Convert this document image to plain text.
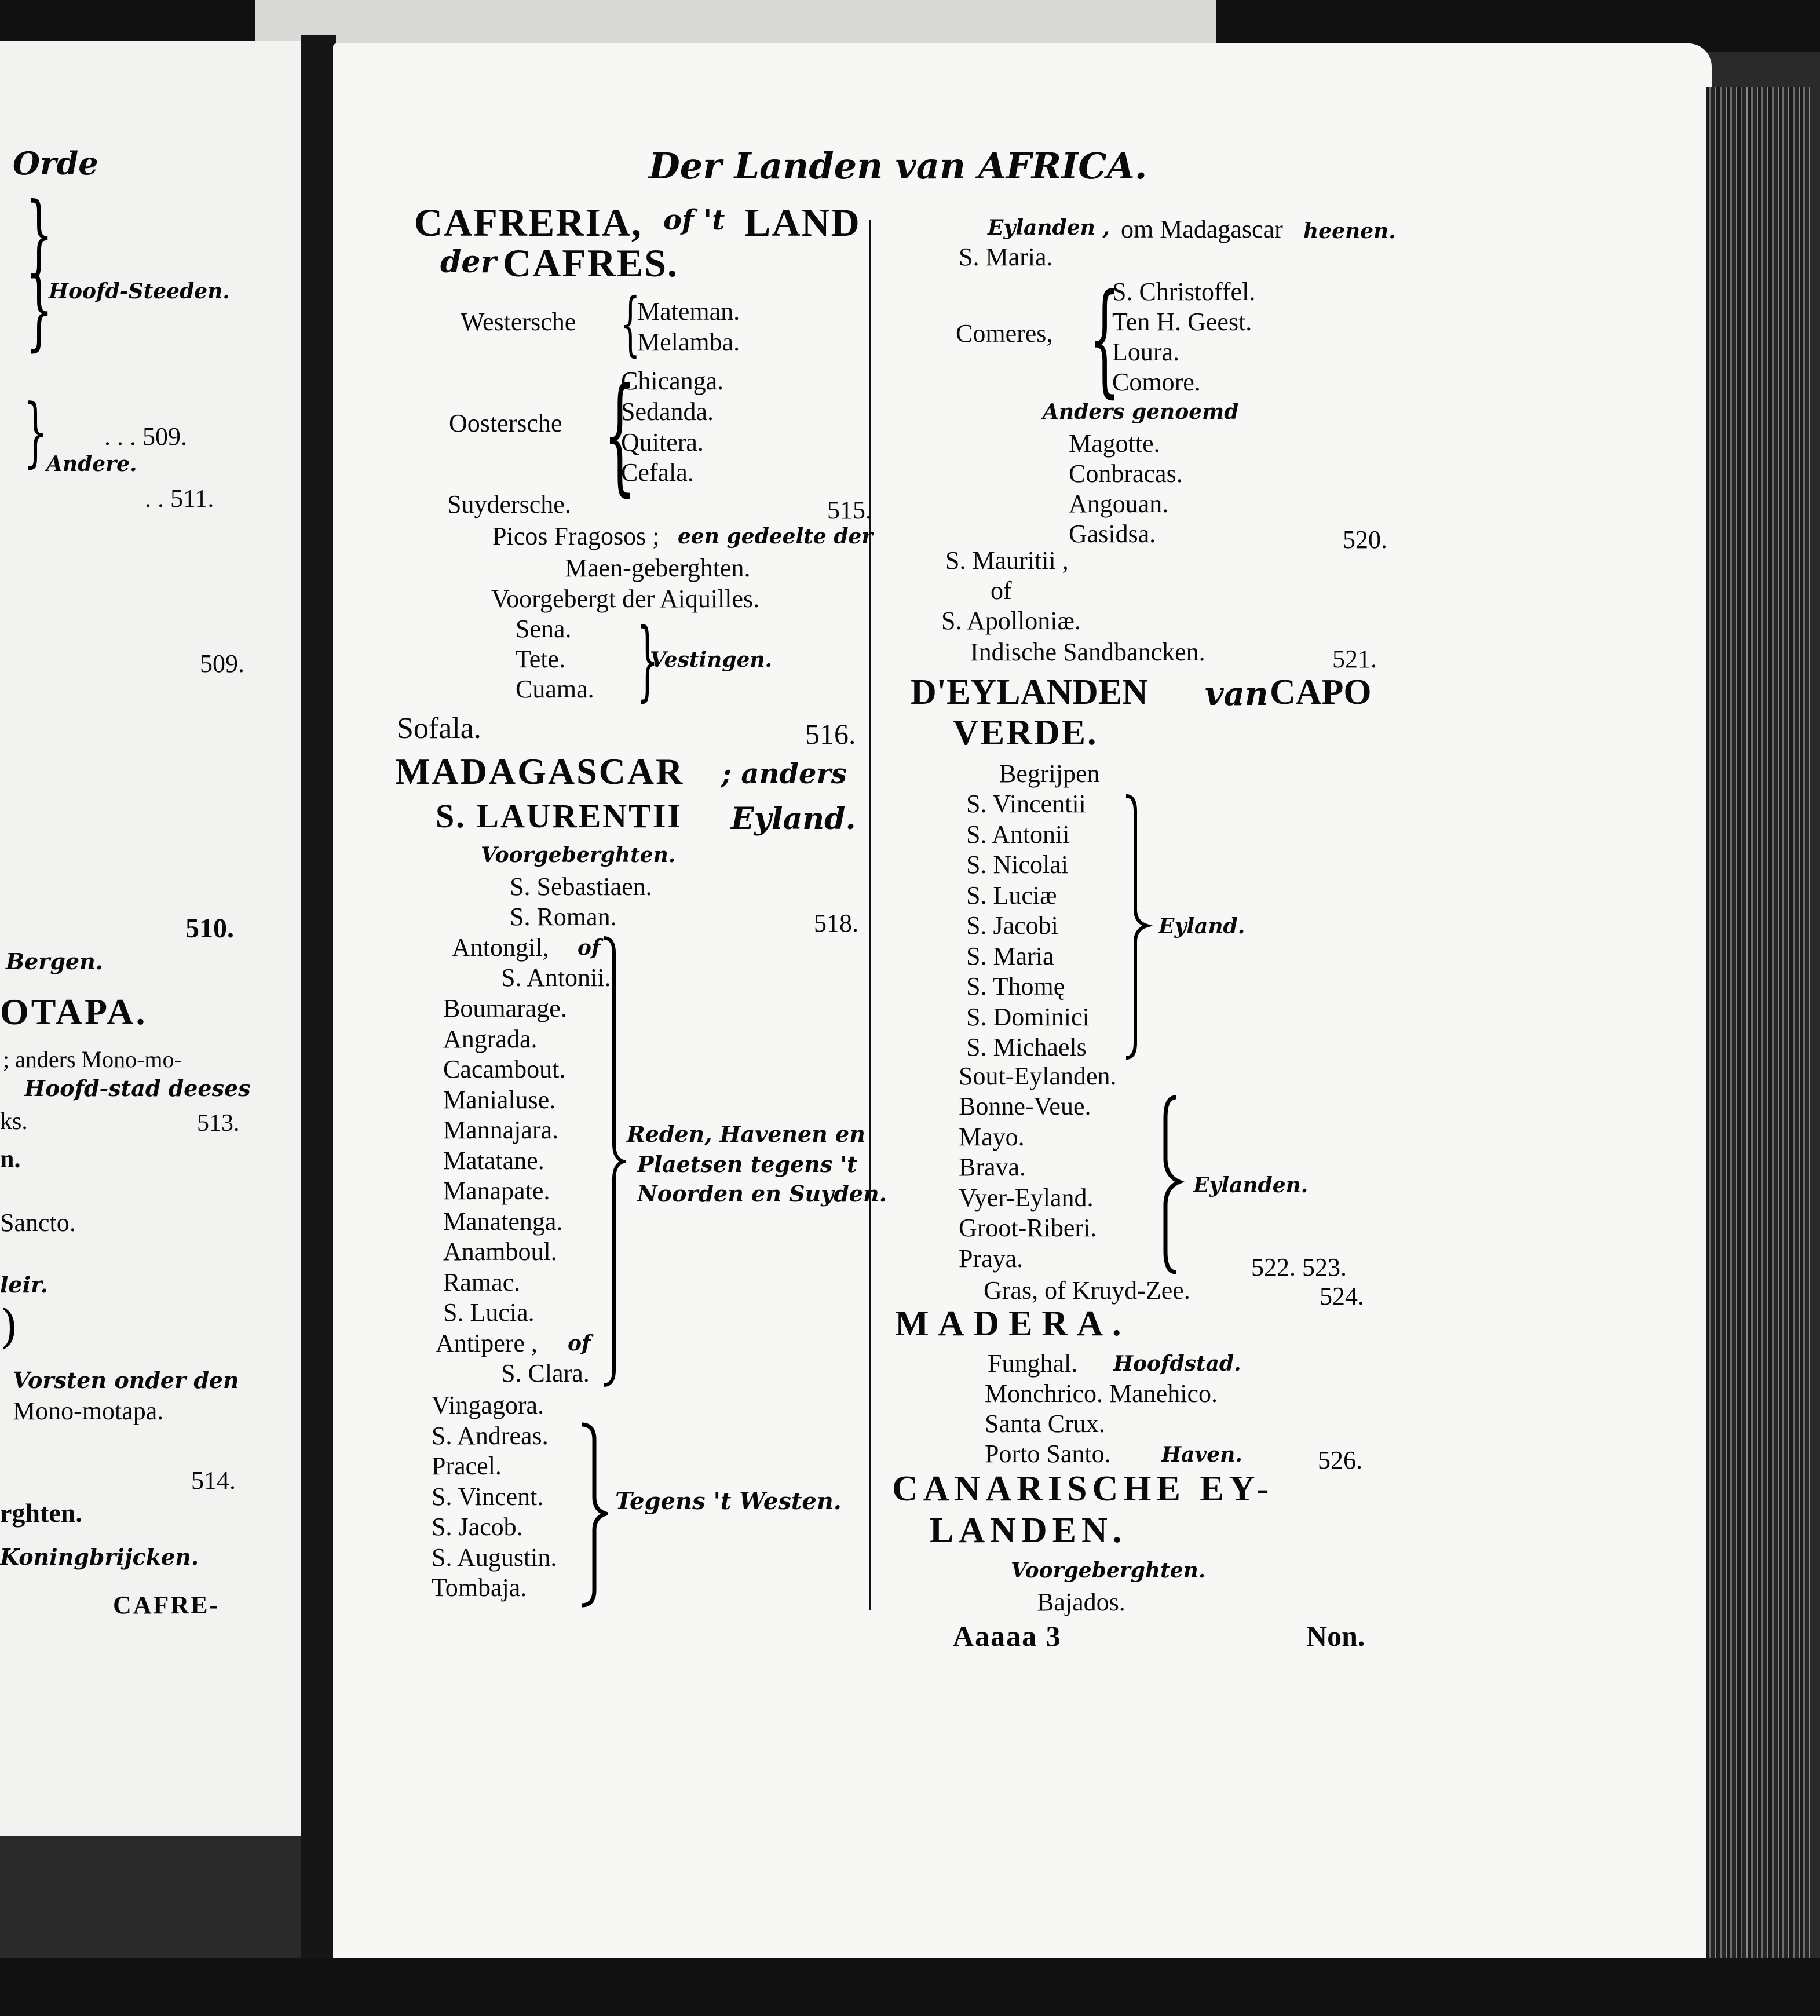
Orde
}
}
Hoofd-Steeden.
. . . 509.
}
Andere.
. . 511.
509.
510.
Bergen.
OTAPA.
; anders Mono-mo-
Hoofd-stad deeses
ks.	513.
n.
Sancto.
leir.
)
Vorsten onder den
Mono-motapa.
514.
rghten.
Koningbrijcken.
CAFRE-
Der Landen van AFRICA.
CAFRERIA, of 't LAND
der CAFRES.
Westersche {
Mateman.
Melamba.
Oostersche {
Chicanga.
Sedanda.
Quitera.
Cefala.
Suydersche.	515.
Picos Fragosos ; een gedeelte der
Maen-geberghten.
Voorgebergt der Aiquilles.
Sena.
Tete.
Cuama. }
Vestingen.
Sofala.	516.
MADAGASCAR ; anders
S. LAURENTII Eyland.
Voorgeberghten.
S. Sebastiaen.
S. Roman.	518.
Antongil, of
S. Antonii.
Boumarage.
Angrada.
Cacambout.
Manialuse.
Mannajara.
Matatane.
Manapate.
Manatenga.
Anamboul.
Ramac.
S. Lucia.
Antipere , of
S. Clara.
Reden, Havenen en
Plaetsen tegens 't
Noorden en Suyden.
Vingagora.
S. Andreas.
Pracel.
S. Vincent.
S. Jacob.
S. Augustin.
Tombaja.
Tegens 't Westen.
Eylanden , om Madagascar heenen.
S. Maria.
Comeres, {
S. Christoffel.
Ten H. Geest.
Loura.
Comore.
Anders genoemd
Magotte.
Conbracas.
Angouan.
Gasidsa.	520.
S. Mauritii ,
of
S. Apolloniæ.
Indische Sandbancken.	521.
D'EYLANDEN van CAPO
VERDE.
Begrijpen
S. Vincentii
S. Antonii
S. Nicolai
S. Luciæ
S. Jacobi
S. Maria
S. Thomę
S. Dominici
S. Michaels
Eyland.
Sout-Eylanden.
Bonne-Veue.
Mayo.
Brava.
Vyer-Eyland.
Groot-Riberi.
Praya.
Eylanden.
522. 523.
Gras, of Kruyd-Zee.	524.
MADERA.
Funghal. Hoofdstad.
Monchrico. Manehico.
Santa Crux.
Porto Santo. Haven.	526.
CANARISCHE EY-
LANDEN.
Voorgeberghten.
Bajados.
Aaaaa 3	Non.
